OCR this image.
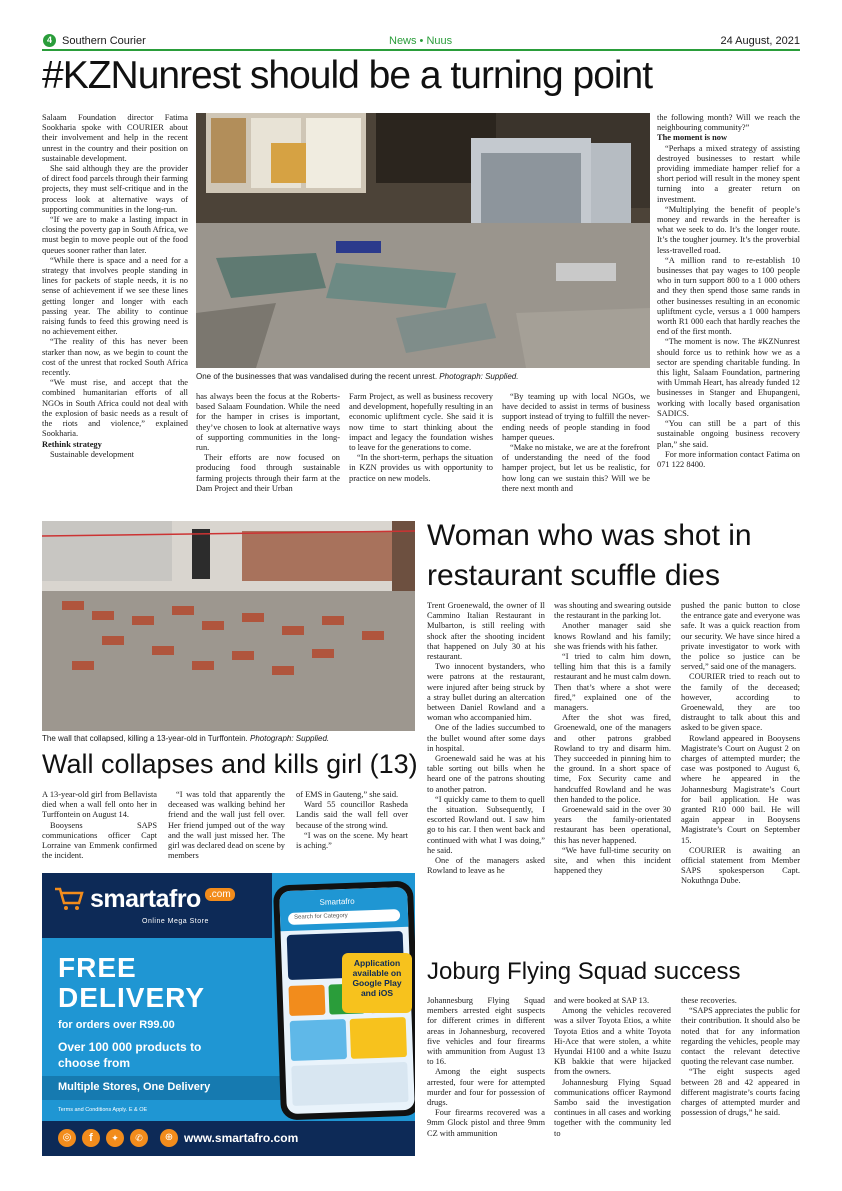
4 Southern Courier	News • Nuus	24 August, 2021
#KZNunrest should be a turning point
One of the businesses that was vandalised during the recent unrest. Photograph: Supplied.

Salaam Foundation director Fatima Sookharia spoke with COURIER about their involvement and help in the recent unrest in the country and their position on sustainable development.

She said although they are the provider of direct food parcels through their farming projects, they must self-critique and in the process look at alternative ways of supporting communities in the long-run.

“If we are to make a lasting impact in closing the poverty gap in South Africa, we must begin to move people out of the food queues sooner rather than later.

“While there is space and a need for a strategy that involves people standing in lines for packets of staple needs, it is no sense of achievement if we see these lines getting longer and longer with each passing year. The ability to continue raising funds to feed this growing need is no achievement either.

“The reality of this has never been starker than now, as we begin to count the cost of the unrest that rocked South Africa recently.

“We must rise, and accept that the combined humanitarian efforts of all NGOs in South Africa could not deal with the explosion of basic needs as a result of the riots and violence,” explained Sookharia.

Rethink strategy

Sustainable development

has always been the focus at the Roberts-based Salaam Foundation. While the need for the hamper in crises is important, they’ve chosen to look at alternative ways of supporting communities in the long-run.

Their efforts are now focused on producing food through sustainable farming projects through their farm at the Dam Project and their Urban

Farm Project, as well as business recovery and development, hopefully resulting in an economic upliftment cycle. She said it is now time to start thinking about the impact and legacy the foundation wishes to leave for the generations to come.

“In the short-term, perhaps the situation in KZN provides us with opportunity to practice on new models.

“By teaming up with local NGOs, we have decided to assist in terms of business support instead of trying to fulfill the never-ending needs of people standing in food hamper queues.

“Make no mistake, we are at the forefront of understanding the need of the food hamper project, but let us be realistic, for how long can we sustain this? Will we be there next month and

the following month? Will we reach the neighbouring community?”

The moment is now

“Perhaps a mixed strategy of assisting destroyed businesses to restart while providing immediate hamper relief for a short period will result in the money spent turning into a greater return on investment.

“Multiplying the benefit of people’s money and rewards in the hereafter is what we seek to do. It’s the longer route. It’s the tougher journey. It’s the proverbial less-travelled road.

“A million rand to re-establish 10 businesses that pay wages to 100 people who in turn support 800 to a 1 000 others and they then spend those same rands in other businesses resulting in an economic upliftment cycle, versus a 1 000 hampers worth R1 000 each that hardly reaches the end of the first month.

“The moment is now. The #KZNunrest should force us to rethink how we as a sector are spending charitable funding. In this light, Salaam Foundation, partnering with Ummah Heart, has already funded 12 businesses in Stanger and Ehupangeni, working with locally based organisation SADICS.

“You can still be a part of this sustainable ongoing business recovery plan,” she said.

For more information contact Fatima on 071 122 8400.

The wall that collapsed, killing a 13-year-old in Turffontein. Photograph: Supplied.
Wall collapses and kills girl (13)

A 13-year-old girl from Bellavista died when a wall fell onto her in Turffontein on August 14.

Booysens SAPS communications officer Capt Lorraine van Emmenk confirmed the incident.

“I was told that apparently the deceased was walking behind her friend and the wall just fell over. Her friend jumped out of the way and the wall just missed her. The girl was declared dead on scene by members

of EMS in Gauteng,” she said.

Ward 55 councillor Rasheda Landis said the wall fell over because of the strong wind.

“I was on the scene. My heart is aching.”

smartafro .com
Online Mega Store
FREE
DELIVERY
for orders over R99.00
Over 100 000 products to
choose from
Multiple Stores, One Delivery
Terms and Conditions Apply. E & OE
Smartafro
Search for Category
Application
available on
Google Play
and iOS
◎	f	✦	✆	⊕ www.smartafro.com
Woman who was shot in
restaurant scuffle dies

Trent Groenewald, the owner of Il Cammino Italian Restaurant in Mulbarton, is still reeling with shock after the shooting incident that happened on July 30 at his restaurant.

Two innocent bystanders, who were patrons at the restaurant, were injured after being struck by a stray bullet during an altercation between Daniel Rowland and a woman who accompanied him.

One of the ladies succumbed to the bullet wound after some days in hospital.

Groenewald said he was at his table sorting out bills when he heard one of the patrons shouting to another patron.

“I quickly came to them to quell the situation. Subsequently, I escorted Rowland out. I saw him go to his car. I then went back and continued with what I was doing,” he said.

One of the managers asked Rowland to leave as he

was shouting and swearing outside the restaurant in the parking lot.

Another manager said she knows Rowland and his family; she was friends with his father.

“I tried to calm him down, telling him that this is a family restaurant and he must calm down. Then that’s where a shot were fired,” explained one of the managers.

After the shot was fired, Groenewald, one of the managers and other patrons grabbed Rowland to try and disarm him. They succeeded in pinning him to the ground. In a short space of time, Fox Security came and handcuffed Rowland and he was then handed to the police.

Groenewald said in the over 30 years the family-orientated restaurant has been operational, this has never happened.

“We have full-time security on site, and when this incident happened they

pushed the panic button to close the entrance gate and everyone was safe. It was a quick reaction from our security. We have since hired a private investigator to work with the police so justice can be served,” said one of the managers.

COURIER tried to reach out to the family of the deceased; however, according to Groenewald, they are too distraught to talk about this and asked to be given space.

Rowland appeared in Booysens Magistrate’s Court on August 2 on charges of attempted murder; the case was postponed to August 6, where he appeared in the Johannesburg Magistrate’s Court for bail application. He was granted R10 000 bail. He will again appear in Booysens Magistrate’s Court on September 15.

COURIER is awaiting an official statement from Member SAPS spokesperson Capt. Nokuthnga Dube.

Joburg Flying Squad success

Johannesburg Flying Squad members arrested eight suspects for different crimes in different areas in Johannesburg, recovered five vehicles and four firearms with ammunition from August 13 to 16.

Among the eight suspects arrested, four were for attempted murder and four for possession of drugs.

Four firearms recovered was a 9mm Glock pistol and three 9mm CZ with ammunition

and were booked at SAP 13.

Among the vehicles recovered was a silver Toyota Etios, a white Toyota Etios and a white Toyota Hi-Ace that were stolen, a white Hyundai H100 and a white Isuzu KB bakkie that were hijacked from the owners.

Johannesburg Flying Squad communications officer Raymond Sambo said the investigation continues in all cases and working together with the community led to

these recoveries.

“SAPS appreciates the public for their contribution. It should also be noted that for any information regarding the vehicles, people may contact the relevant detective quoting the relevant case number.

“The eight suspects aged between 28 and 42 appeared in different magistrate’s courts facing charges of attempted murder and possession of drugs,” he said.
